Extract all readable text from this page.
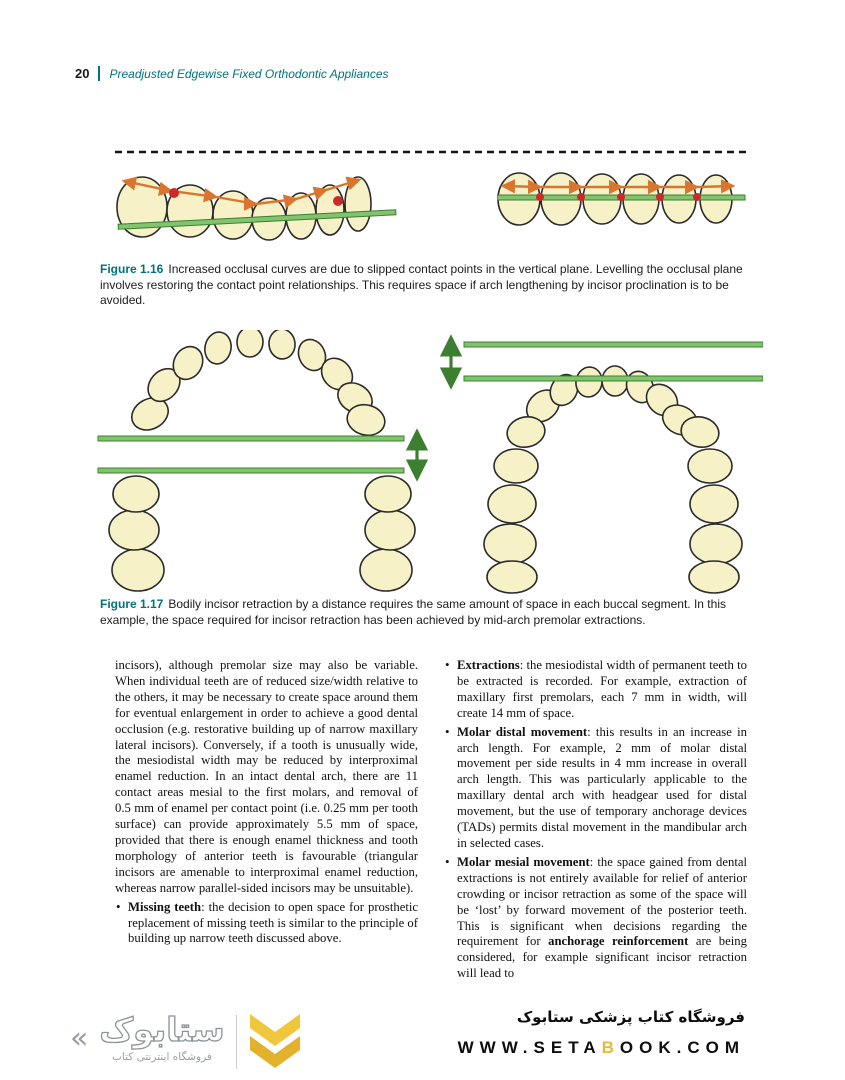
20 Preadjusted Edgewise Fixed Orthodontic Appliances

Figure 1.16 Increased occlusal curves are due to slipped contact points in the vertical plane. Levelling the occlusal plane involves restoring the contact point relationships. This requires space if arch lengthening by incisor proclination is to be avoided.

Figure 1.17 Bodily incisor retraction by a distance requires the same amount of space in each buccal segment. In this example, the space required for incisor retraction has been achieved by mid-arch premolar extractions.

incisors), although premolar size may also be variable. When individual teeth are of reduced size/width relative to the others, it may be necessary to create space around them for eventual enlargement in order to achieve a good dental occlusion (e.g. restorative building up of narrow maxillary lateral incisors). Conversely, if a tooth is unusually wide, the mesiodistal width may be reduced by interproximal enamel reduction. In an intact dental arch, there are 11 contact areas mesial to the first molars, and removal of 0.5 mm of enamel per contact point (i.e. 0.25 mm per tooth surface) can provide approximately 5.5 mm of space, provided that there is enough enamel thickness and tooth morphology of anterior teeth is favourable (triangular incisors are amenable to interproximal enamel reduction, whereas narrow parallel-sided incisors may be unsuitable).

• Missing teeth: the decision to open space for prosthetic replacement of missing teeth is similar to the principle of building up narrow teeth discussed above.
• Extractions: the mesiodistal width of permanent teeth to be extracted is recorded. For example, extraction of maxillary first premolars, each 7 mm in width, will create 14 mm of space.
• Molar distal movement: this results in an increase in arch length. For example, 2 mm of molar distal movement per side results in 4 mm increase in overall arch length. This was particularly applicable to the maxillary dental arch with headgear used for distal movement, but the use of temporary anchorage devices (TADs) permits distal movement in the mandibular arch in selected cases.
• Molar mesial movement: the space gained from dental extractions is not entirely available for relief of anterior crowding or incisor retraction as some of the space will be ‘lost’ by forward movement of the posterior teeth. This is significant when decisions regarding the requirement for anchorage reinforcement are being considered, for example significant incisor retraction will lead to
« ستابوک
فروشگاه اینترنتی کتاب
فروشگاه کتاب پزشکی ستابوک
WWW.SETABOOK.COM
